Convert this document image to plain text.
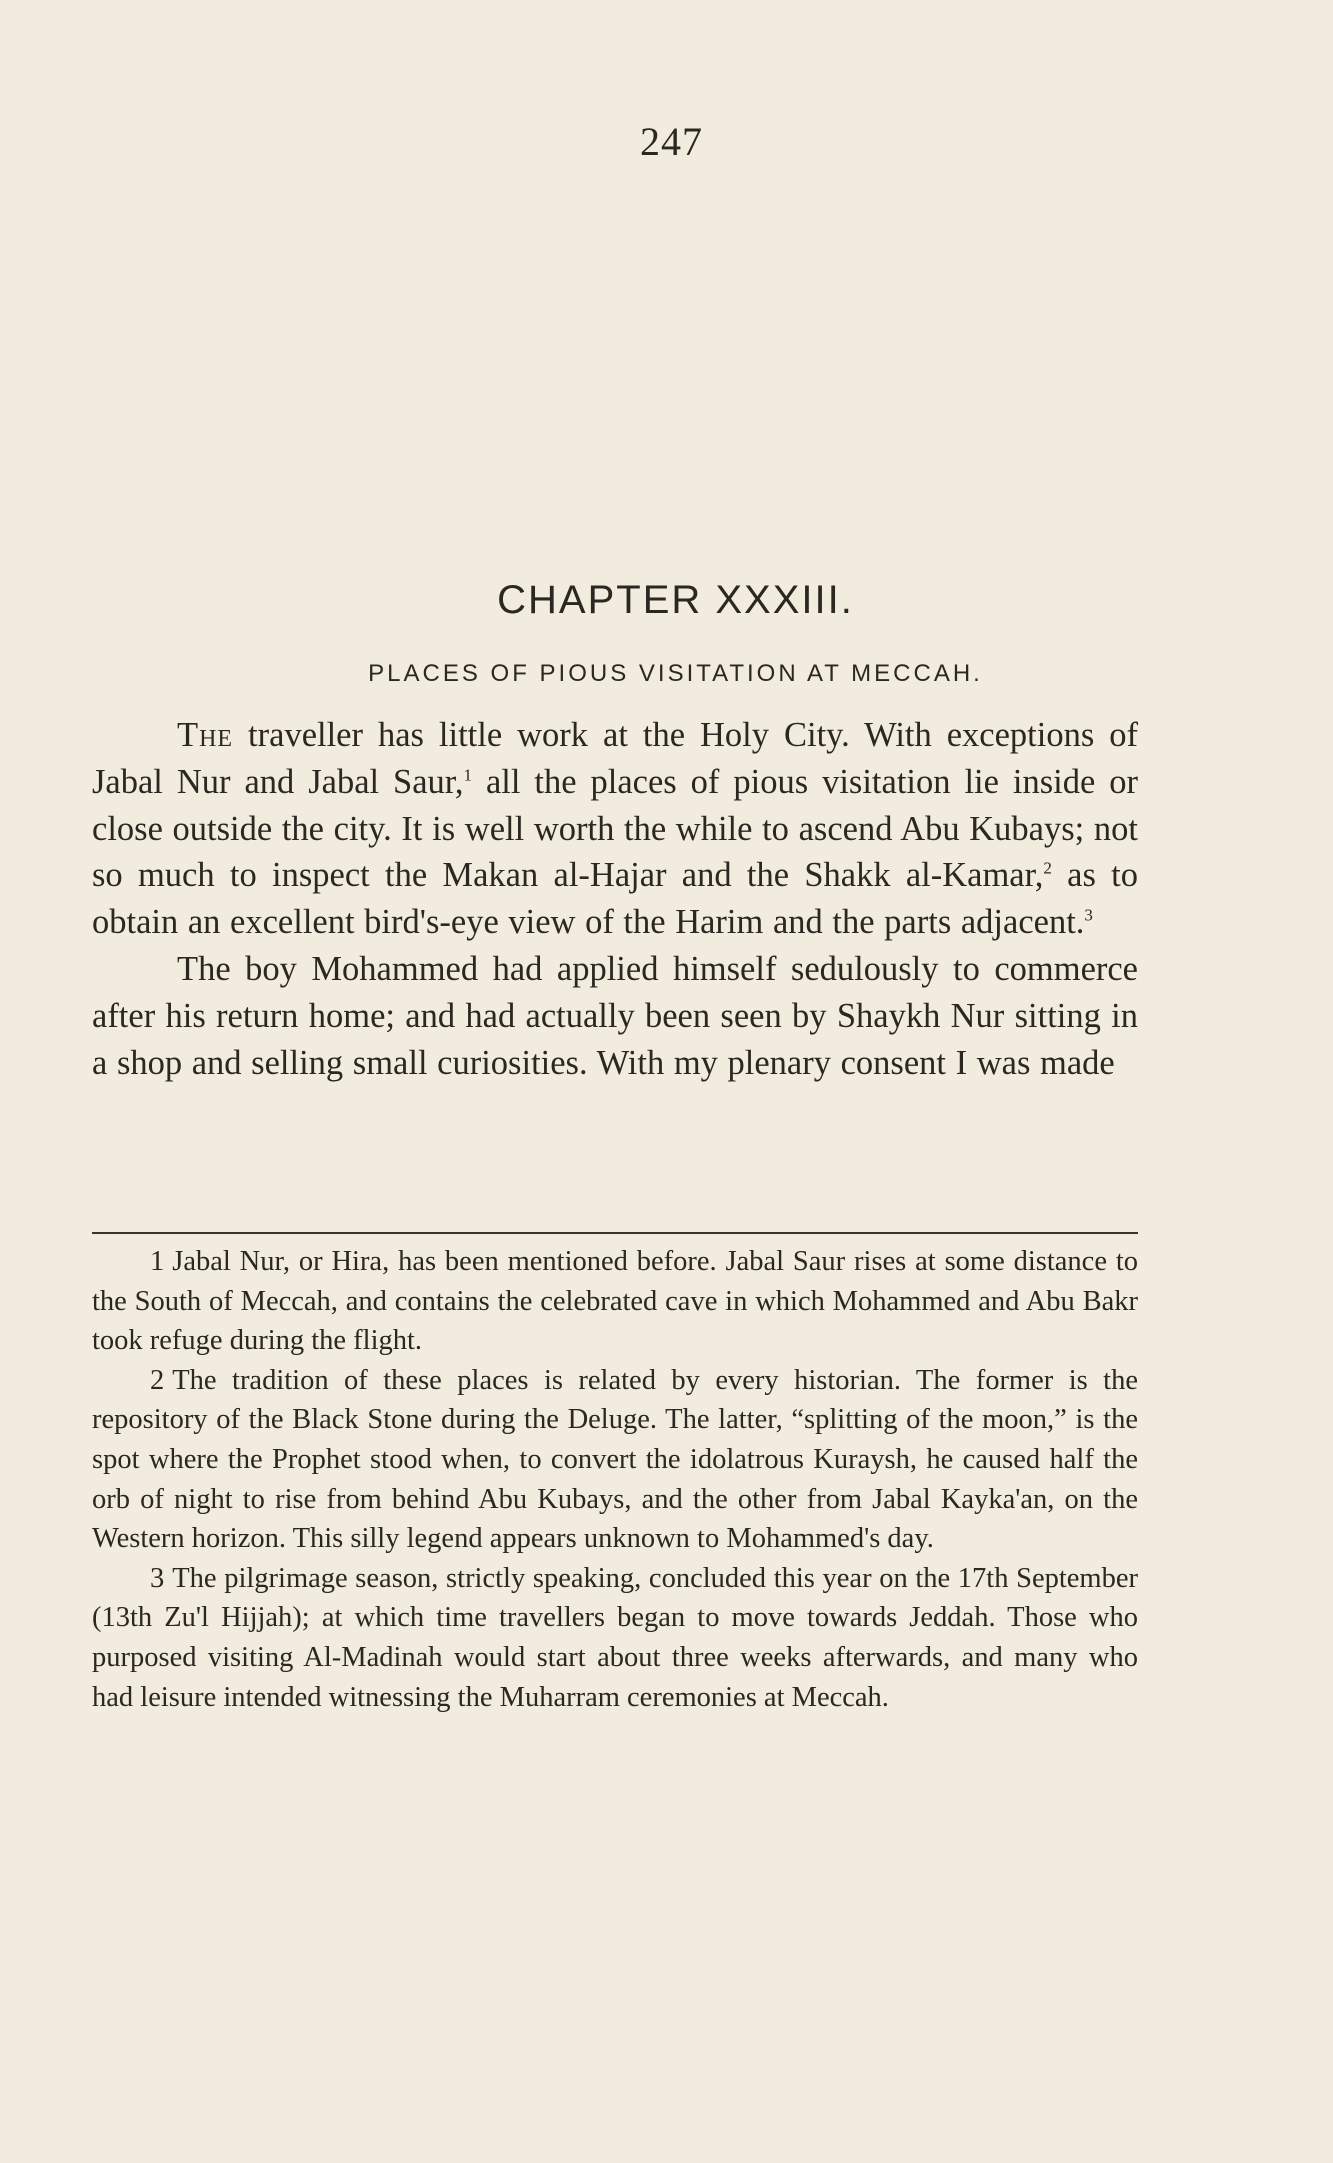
247
CHAPTER XXXIII.
PLACES OF PIOUS VISITATION AT MECCAH.

The traveller has little work at the Holy City. With exceptions of Jabal Nur and Jabal Saur,$^1$ all the places of pious visitation lie inside or close outside the city. It is well worth the while to ascend Abu Kubays; not so much to inspect the Makan al-Hajar and the Shakk al-Kamar,$^2$ as to obtain an excellent bird's-eye view of the Harim and the parts adjacent.$^3$

The boy Mohammed had applied himself sedulously to commerce after his return home; and had actually been seen by Shaykh Nur sitting in a shop and selling small curiosities. With my plenary consent I was made

1 Jabal Nur, or Hira, has been mentioned before. Jabal Saur rises at some distance to the South of Meccah, and contains the celebrated cave in which Mohammed and Abu Bakr took refuge during the flight.

2 The tradition of these places is related by every historian. The former is the repository of the Black Stone during the Deluge. The latter, “splitting of the moon,” is the spot where the Prophet stood when, to convert the idolatrous Kuraysh, he caused half the orb of night to rise from behind Abu Kubays, and the other from Jabal Kayka'an, on the Western horizon. This silly legend appears unknown to Mohammed's day.

3 The pilgrimage season, strictly speaking, concluded this year on the 17th September (13th Zu'l Hijjah); at which time travellers began to move towards Jeddah. Those who purposed visiting Al-Madinah would start about three weeks afterwards, and many who had leisure intended witnessing the Muharram ceremonies at Meccah.
